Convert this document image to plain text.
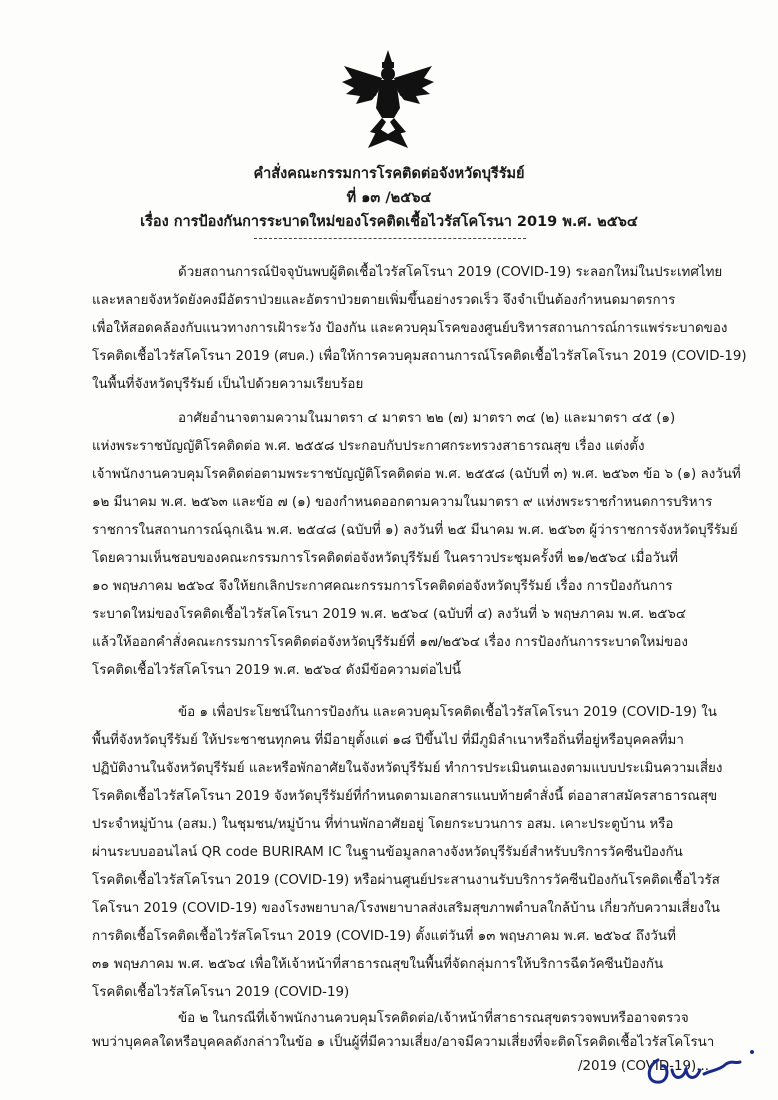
คำสั่งคณะกรรมการโรคติดต่อจังหวัดบุรีรัมย์
ที่ ๑๓ /๒๕๖๔
เรื่อง การป้องกันการระบาดใหม่ของโรคติดเชื้อไวรัสโคโรนา 2019 พ.ศ. ๒๕๖๔
ด้วยสถานการณ์ปัจจุบันพบผู้ติดเชื้อไวรัสโคโรนา 2019 (COVID-19) ระลอกใหม่ในประเทศไทย
และหลายจังหวัดยังคงมีอัตราป่วยและอัตราป่วยตายเพิ่มขึ้นอย่างรวดเร็ว จึงจำเป็นต้องกำหนดมาตรการ
เพื่อให้สอดคล้องกับแนวทางการเฝ้าระวัง ป้องกัน และควบคุมโรคของศูนย์บริหารสถานการณ์การแพร่ระบาดของ
โรคติดเชื้อไวรัสโคโรนา 2019 (ศบค.) เพื่อให้การควบคุมสถานการณ์โรคติดเชื้อไวรัสโคโรนา 2019 (COVID-19)
ในพื้นที่จังหวัดบุรีรัมย์ เป็นไปด้วยความเรียบร้อย
อาศัยอำนาจตามความในมาตรา ๔ มาตรา ๒๒ (๗) มาตรา ๓๔ (๒) และมาตรา ๔๕ (๑)
แห่งพระราชบัญญัติโรคติดต่อ พ.ศ. ๒๕๕๘ ประกอบกับประกาศกระทรวงสาธารณสุข เรื่อง แต่งตั้ง
เจ้าพนักงานควบคุมโรคติดต่อตามพระราชบัญญัติโรคติดต่อ พ.ศ. ๒๕๕๘ (ฉบับที่ ๓) พ.ศ. ๒๕๖๓ ข้อ ๖ (๑) ลงวันที่
๑๒ มีนาคม พ.ศ. ๒๕๖๓ และข้อ ๗ (๑) ของกำหนดออกตามความในมาตรา ๙ แห่งพระราชกำหนดการบริหาร
ราชการในสถานการณ์ฉุกเฉิน พ.ศ. ๒๕๔๘ (ฉบับที่ ๑) ลงวันที่ ๒๕ มีนาคม พ.ศ. ๒๕๖๓ ผู้ว่าราชการจังหวัดบุรีรัมย์
โดยความเห็นชอบของคณะกรรมการโรคติดต่อจังหวัดบุรีรัมย์ ในคราวประชุมครั้งที่ ๒๑/๒๕๖๔ เมื่อวันที่
๑๐ พฤษภาคม ๒๕๖๔ จึงให้ยกเลิกประกาศคณะกรรมการโรคติดต่อจังหวัดบุรีรัมย์ เรื่อง การป้องกันการ
ระบาดใหม่ของโรคติดเชื้อไวรัสโคโรนา 2019 พ.ศ. ๒๕๖๔ (ฉบับที่ ๔) ลงวันที่ ๖ พฤษภาคม พ.ศ. ๒๕๖๔
แล้วให้ออกคำสั่งคณะกรรมการโรคติดต่อจังหวัดบุรีรัมย์ที่ ๑๗/๒๕๖๔ เรื่อง การป้องกันการระบาดใหม่ของ
โรคติดเชื้อไวรัสโคโรนา 2019 พ.ศ. ๒๕๖๔ ดังมีข้อความต่อไปนี้
ข้อ ๑ เพื่อประโยชน์ในการป้องกัน และควบคุมโรคติดเชื้อไวรัสโคโรนา 2019 (COVID-19) ใน
พื้นที่จังหวัดบุรีรัมย์ ให้ประชาชนทุกคน ที่มีอายุตั้งแต่ ๑๘ ปีขึ้นไป ที่มีภูมิลำเนาหรือถิ่นที่อยู่หรือบุคคลที่มา
ปฏิบัติงานในจังหวัดบุรีรัมย์ และหรือพักอาศัยในจังหวัดบุรีรัมย์ ทำการประเมินตนเองตามแบบประเมินความเสี่ยง
โรคติดเชื้อไวรัสโคโรนา 2019 จังหวัดบุรีรัมย์ที่กำหนดตามเอกสารแนบท้ายคำสั่งนี้ ต่ออาสาสมัครสาธารณสุข
ประจำหมู่บ้าน (อสม.) ในชุมชน/หมู่บ้าน ที่ท่านพักอาศัยอยู่ โดยกระบวนการ อสม. เคาะประตูบ้าน หรือ
ผ่านระบบออนไลน์ QR code BURIRAM IC ในฐานข้อมูลกลางจังหวัดบุรีรัมย์สำหรับบริการวัคซีนป้องกัน
โรคติดเชื้อไวรัสโคโรนา 2019 (COVID-19) หรือผ่านศูนย์ประสานงานรับบริการวัคซีนป้องกันโรคติดเชื้อไวรัส
โคโรนา 2019 (COVID-19) ของโรงพยาบาล/โรงพยาบาลส่งเสริมสุขภาพตำบลใกล้บ้าน เกี่ยวกับความเสี่ยงใน
การติดเชื้อโรคติดเชื้อไวรัสโคโรนา 2019 (COVID-19) ตั้งแต่วันที่ ๑๓ พฤษภาคม พ.ศ. ๒๕๖๔ ถึงวันที่
๓๑ พฤษภาคม พ.ศ. ๒๕๖๔ เพื่อให้เจ้าหน้าที่สาธารณสุขในพื้นที่จัดกลุ่มการให้บริการฉีดวัคซีนป้องกัน
โรคติดเชื้อไวรัสโคโรนา 2019 (COVID-19)
ข้อ ๒ ในกรณีที่เจ้าพนักงานควบคุมโรคติดต่อ/เจ้าหน้าที่สาธารณสุขตรวจพบหรืออาจตรวจ
พบว่าบุคคลใดหรือบุคคลดังกล่าวในข้อ ๑ เป็นผู้ที่มีความเสี่ยง/อาจมีความเสี่ยงที่จะติดโรคติดเชื้อไวรัสโคโรนา
/2019 (COVID-19)...
